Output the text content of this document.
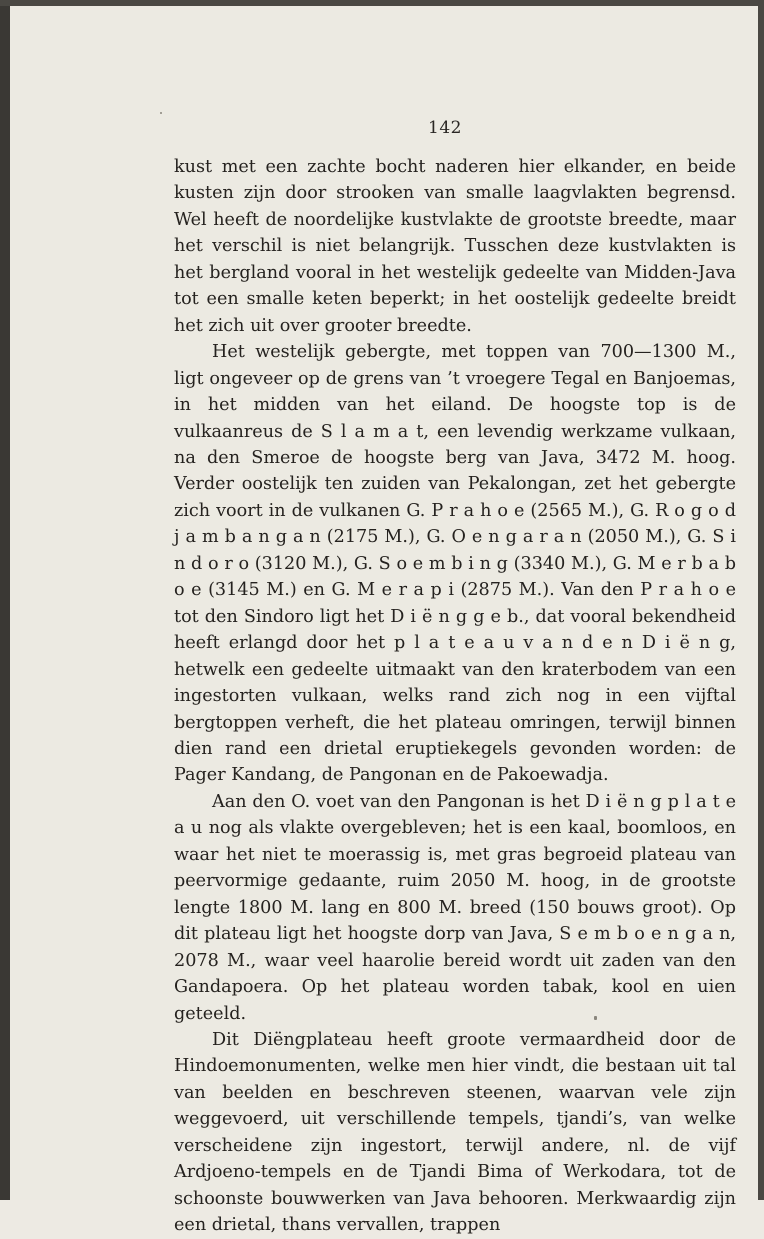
142

kust met een zachte bocht naderen hier elkander, en beide kusten zijn door strooken van smalle laagvlakten begrensd. Wel heeft de noordelijke kustvlakte de grootste breedte, maar het verschil is niet belangrijk. Tusschen deze kustvlakten is het bergland vooral in het westelijk gedeelte van Midden-Java tot een smalle keten beperkt; in het oostelijk gedeelte breidt het zich uit over grooter breedte.

Het westelijk gebergte, met toppen van 700—1300 M., ligt ongeveer op de grens van ’t vroegere Tegal en Banjoemas, in het midden van het eiland. De hoogste top is de vulkaanreus de S l a m a t, een levendig werkzame vulkaan, na den Smeroe de hoogste berg van Java, 3472 M. hoog. Verder oostelijk ten zuiden van Pekalongan, zet het gebergte zich voort in de vulkanen G. P r a h o e (2565 M.), G. R o g o d j a m b a n g a n (2175 M.), G. O e n g a r a n (2050 M.), G. S i n d o r o (3120 M.), G. S o e m b i n g (3340 M.), G. M e r b a b o e (3145 M.) en G. M e r a p i (2875 M.). Van den P r a h o e tot den Sindoro ligt het D i ë n g g e b., dat vooral bekendheid heeft erlangd door het p l a t e a u v a n d e n D i ë n g, hetwelk een gedeelte uitmaakt van den kraterbodem van een ingestorten vulkaan, welks rand zich nog in een vijftal bergtoppen verheft, die het plateau omringen, terwijl binnen dien rand een drietal eruptiekegels gevonden worden: de Pager Kandang, de Pangonan en de Pakoewadja.

Aan den O. voet van den Pangonan is het D i ë n g p l a t e a u nog als vlakte overgebleven; het is een kaal, boomloos, en waar het niet te moerassig is, met gras begroeid plateau van peervormige gedaante, ruim 2050 M. hoog, in de grootste lengte 1800 M. lang en 800 M. breed (150 bouws groot). Op dit plateau ligt het hoogste dorp van Java, S e m b o e n g a n, 2078 M., waar veel haarolie bereid wordt uit zaden van den Gandapoera. Op het plateau worden tabak, kool en uien geteeld.

Dit Diëngplateau heeft groote vermaardheid door de Hindoemonumenten, welke men hier vindt, die bestaan uit tal van beelden en beschreven steenen, waarvan vele zijn weggevoerd, uit verschillende tempels, tjandi’s, van welke verscheidene zijn ingestort, terwijl andere, nl. de vijf Ardjoeno-tempels en de Tjandi Bima of Werkodara, tot de schoonste bouwwerken van Java behooren. Merkwaardig zijn een drietal, thans vervallen, trappen
